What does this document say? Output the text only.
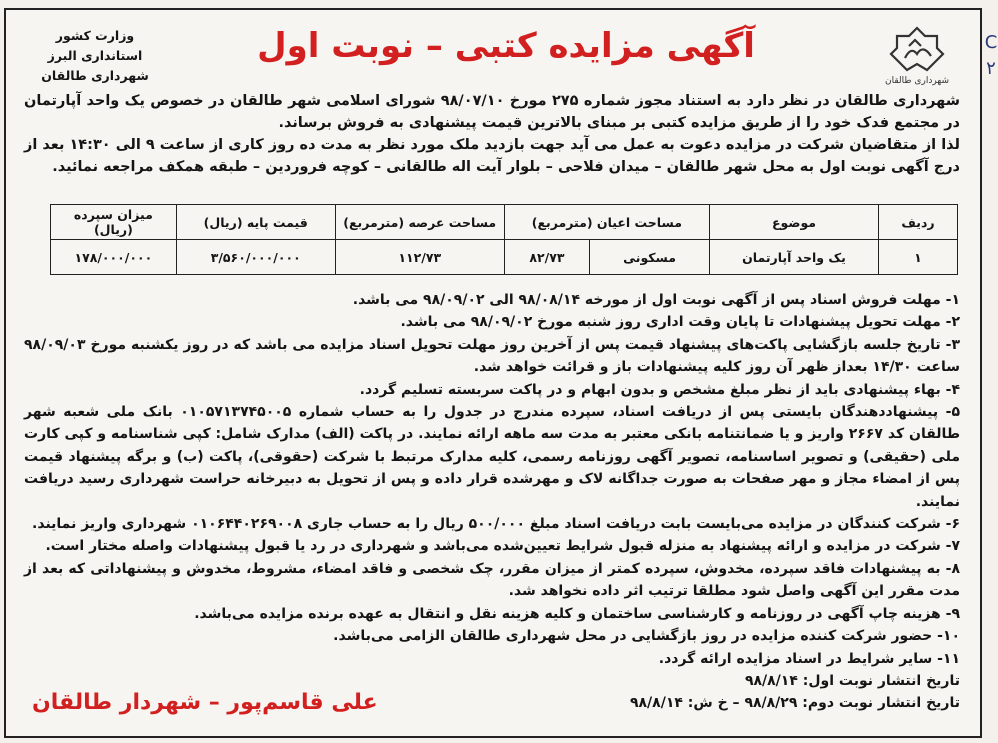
وزارت کشور
استانداری البرز
شهرداری طالقان
آگهی مزایده کتبی – نوبت اول
شهرداری طالقان

شهرداری طالقان در نظر دارد به استناد مجوز شماره ۲۷۵ مورخ ۹۸/۰۷/۱۰ شورای اسلامی شهر طالقان در خصوص یک واحد آپارتمان در مجتمع فدک خود را از طریق مزایده کتبی بر مبنای بالاترین قیمت پیشنهادی به فروش برساند.

لذا از متقاضیان شرکت در مزایده دعوت به عمل می آید جهت بازدید ملک مورد نظر به مدت ده روز کاری از ساعت ۹ الی ۱۴:۳۰ بعد از درج آگهی نوبت اول به محل شهر طالقان – میدان فلاحی – بلوار آیت اله طالقانی – کوچه فروردین – طبقه همکف مراجعه نمائید.

ردیف	موضوع	مساحت اعیان (مترمربع)		مساحت عرصه (مترمربع)	قیمت پایه (ریال)	میزان سپرده (ریال)
۱	یک واحد آپارتمان	مسکونی	۸۲/۷۳	۱۱۲/۷۳	۳/۵۶۰/۰۰۰/۰۰۰	۱۷۸/۰۰۰/۰۰۰

۱- مهلت فروش اسناد پس از آگهی نوبت اول از مورخه ۹۸/۰۸/۱۴ الی ۹۸/۰۹/۰۲ می باشد.

۲- مهلت تحویل پیشنهادات تا پایان وقت اداری روز شنبه مورخ ۹۸/۰۹/۰۲ می باشد.

۳- تاریخ جلسه بازگشایی پاکت‌های پیشنهاد قیمت پس از آخرین روز مهلت تحویل اسناد مزایده می باشد که در روز یکشنبه مورخ ۹۸/۰۹/۰۳ ساعت ۱۴/۳۰ بعداز ظهر آن روز کلیه پیشنهادات باز و قرائت خواهد شد.

۴- بهاء پیشنهادی باید از نظر مبلغ مشخص و بدون ابهام و در پاکت سربسته تسلیم گردد.

۵- پیشنهاددهندگان بایستی پس از دریافت اسناد، سپرده مندرج در جدول را به حساب شماره ۰۱۰۵۷۱۳۷۴۵۰۰۵ بانک ملی شعبه شهر طالقان کد ۲۶۶۷ واریز و یا ضمانتنامه بانکی معتبر به مدت سه ماهه ارائه نمایند. در پاکت (الف) مدارک شامل: کپی شناسنامه و کپی کارت ملی (حقیقی) و تصویر اساسنامه، تصویر آگهی روزنامه رسمی، کلیه مدارک مرتبط با شرکت (حقوقی)، پاکت (ب) و برگه پیشنهاد قیمت پس از امضاء مجاز و مهر صفحات به صورت جداگانه لاک و مهرشده قرار داده و پس از تحویل به دبیرخانه حراست شهرداری رسید دریافت نمایند.

۶- شرکت کنندگان در مزایده می‌بایست بابت دریافت اسناد مبلغ ۵۰۰/۰۰۰ ریال را به حساب جاری ۰۱۰۶۴۴۰۲۶۹۰۰۸ شهرداری واریز نمایند.

۷- شرکت در مزایده و ارائه پیشنهاد به منزله قبول شرایط تعیین‌شده می‌باشد و شهرداری در رد یا قبول پیشنهادات واصله مختار است.

۸- به پیشنهادات فاقد سپرده، مخدوش، سپرده کمتر از میزان مقرر، چک شخصی و فاقد امضاء، مشروط، مخدوش و پیشنهاداتی که بعد از مدت مقرر این آگهی واصل شود مطلقا ترتیب اثر داده نخواهد شد.

۹- هزینه چاپ آگهی در روزنامه و کارشناسی ساختمان و کلیه هزینه نقل و انتقال به عهده برنده مزایده می‌باشد.

۱۰- حضور شرکت کننده مزایده در روز بازگشایی در محل شهرداری طالقان الزامی می‌باشد.

۱۱- سایر شرایط در اسناد مزایده ارائه گردد.

تاریخ انتشار نوبت اول: ۹۸/۸/۱۴

تاریخ انتشار نوبت دوم: ۹۸/۸/۲۹ – خ ش: ۹۸/۸/۱۴

علی قاسم‌پور – شهردار طالقان
C
۲
